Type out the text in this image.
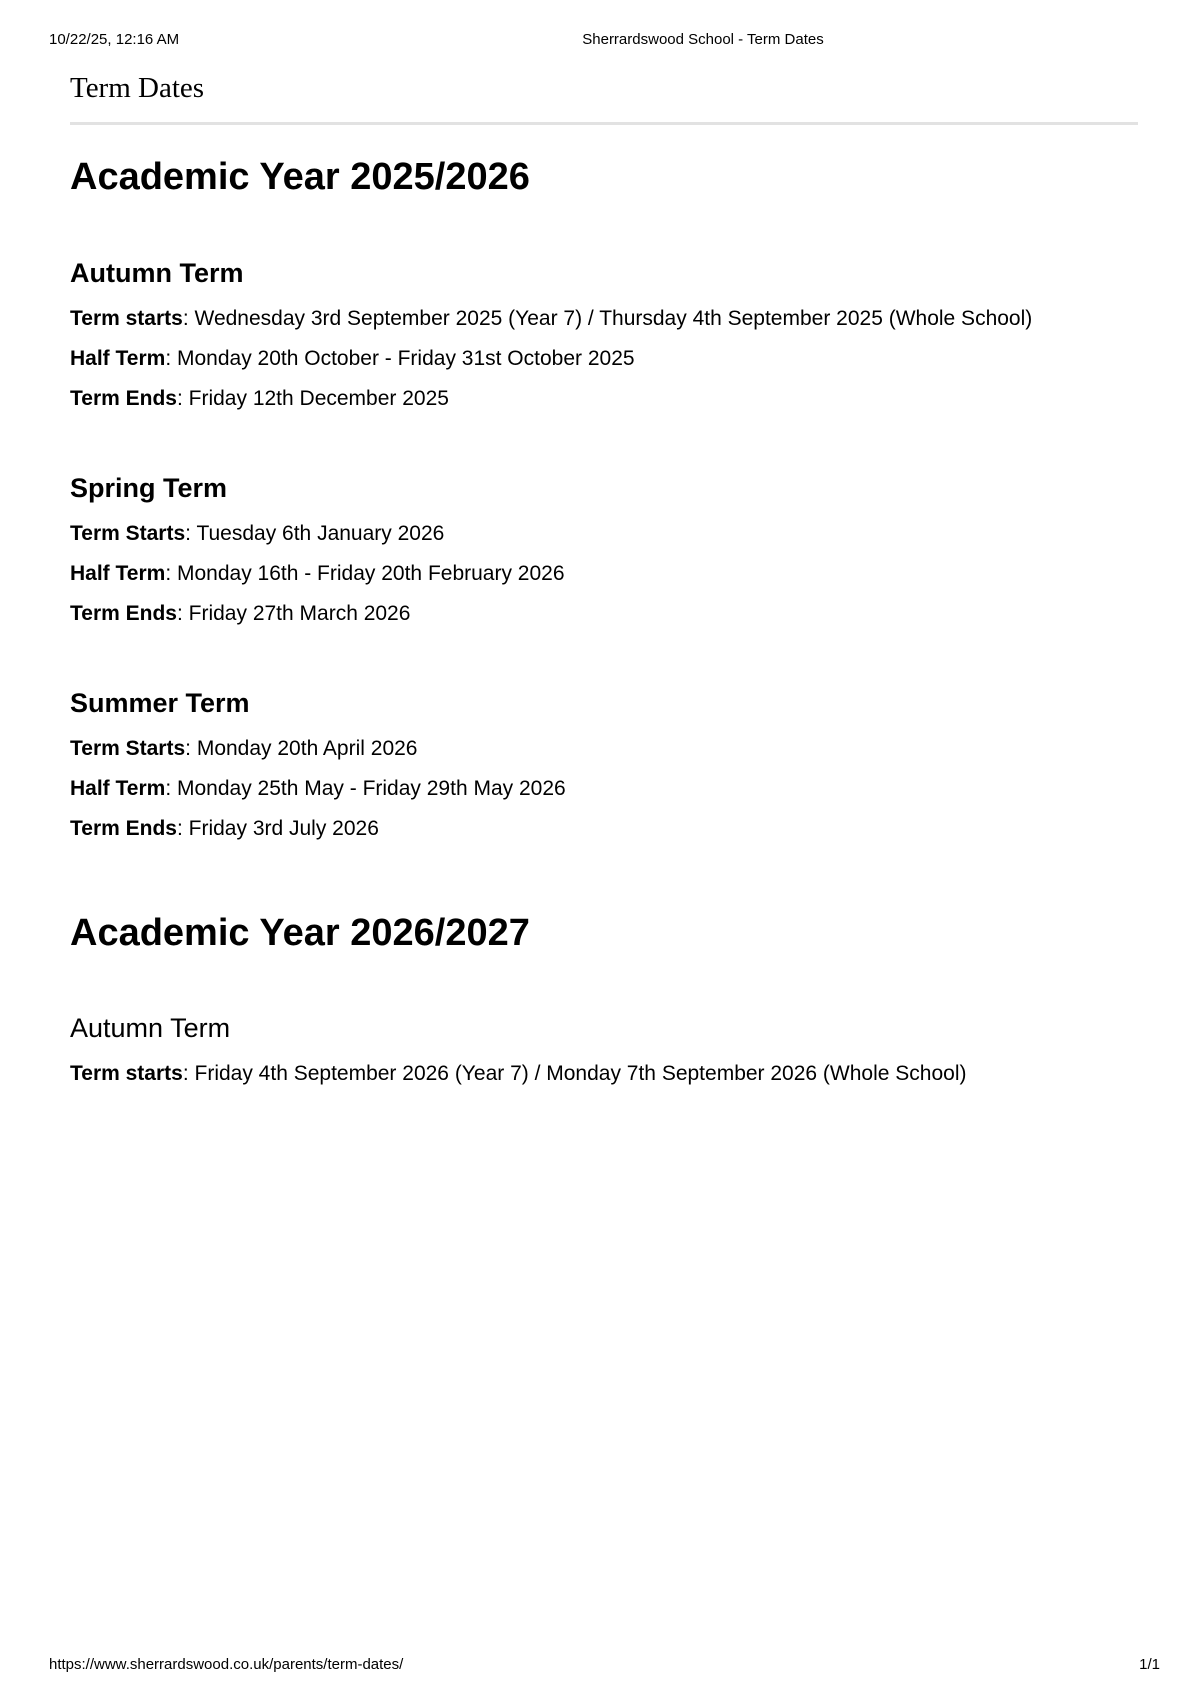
10/22/25, 12:16 AM	Sherrardswood School - Term Dates
Term Dates
Academic Year 2025/2026
Autumn Term

Term starts: Wednesday 3rd September 2025 (Year 7) / Thursday 4th September 2025 (Whole School)

Half Term: Monday 20th October - Friday 31st October 2025

Term Ends: Friday 12th December 2025

Spring Term

Term Starts: Tuesday 6th January 2026

Half Term: Monday 16th - Friday 20th February 2026

Term Ends: Friday 27th March 2026

Summer Term

Term Starts: Monday 20th April 2026

Half Term: Monday 25th May - Friday 29th May 2026

Term Ends: Friday 3rd July 2026

Academic Year 2026/2027
Autumn Term

Term starts: Friday 4th September 2026 (Year 7) / Monday 7th September 2026 (Whole School)

https://www.sherrardswood.co.uk/parents/term-dates/	1/1
